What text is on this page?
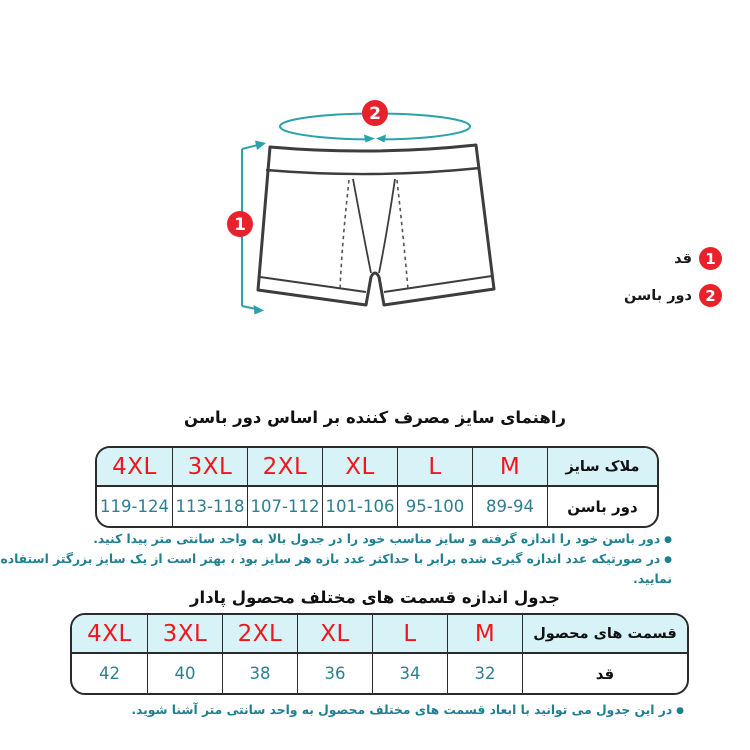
2
1
1
قد
2
دور باسن
راهنمای سایز مصرف کننده بر اساس دور باسن
4XL 3XL 2XL XL L	M	ملاک سایز
119-124 113-118 107-112 101-106 95-100 89-94 دور باسن
●دور باسن خود را اندازه گرفته و سایز مناسب خود را در جدول بالا به واحد سانتی متر پیدا کنید.
●در صورتیکه عدد اندازه گیری شده برابر با حداکثر عدد بازه هر سایز بود ، بهتر است از یک سایز بزرگتر استفاده نمایید.
جدول اندازه قسمت های مختلف محصول پادار
4XL 3XL 2XL XL L	M	قسمت های محصول
42	40	38	36	34	32	قد
●در این جدول می توانید با ابعاد قسمت های مختلف محصول به واحد سانتی متر آشنا شوید.
